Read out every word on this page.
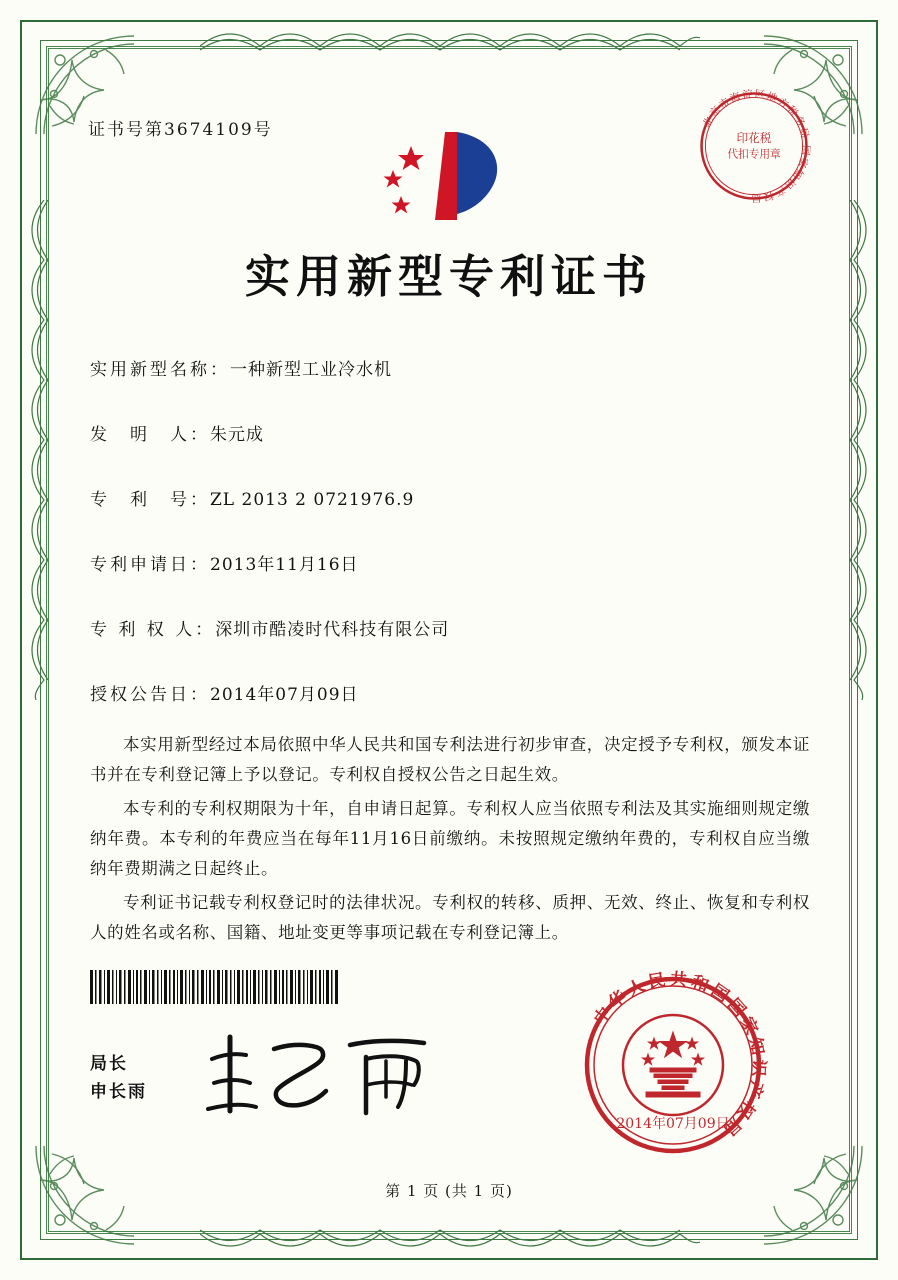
证书号第3674109号	北京市海淀区地方税务局 国家知识产权局
印花税
代扣专用章
实用新型专利证书
实用新型名称：一种新型工业冷水机
发　明　人：朱元成
专　利　号：ZL 2013 2 0721976.9
专利申请日：2013年11月16日
专 利 权 人：深圳市酷凌时代科技有限公司
授权公告日：2014年07月09日

本实用新型经过本局依照中华人民共和国专利法进行初步审查，决定授予专利权，颁发本证书并在专利登记簿上予以登记。专利权自授权公告之日起生效。

本专利的专利权期限为十年，自申请日起算。专利权人应当依照专利法及其实施细则规定缴纳年费。本专利的年费应当在每年11月16日前缴纳。未按照规定缴纳年费的，专利权自应当缴纳年费期满之日起终止。

专利证书记载专利权登记时的法律状况。专利权的转移、质押、无效、终止、恢复和专利权人的姓名或名称、国籍、地址变更等事项记载在专利登记簿上。

局长
申长雨
中华人民共和国国家知识产权局
2014年07月09日
第 1 页 (共 1 页)
